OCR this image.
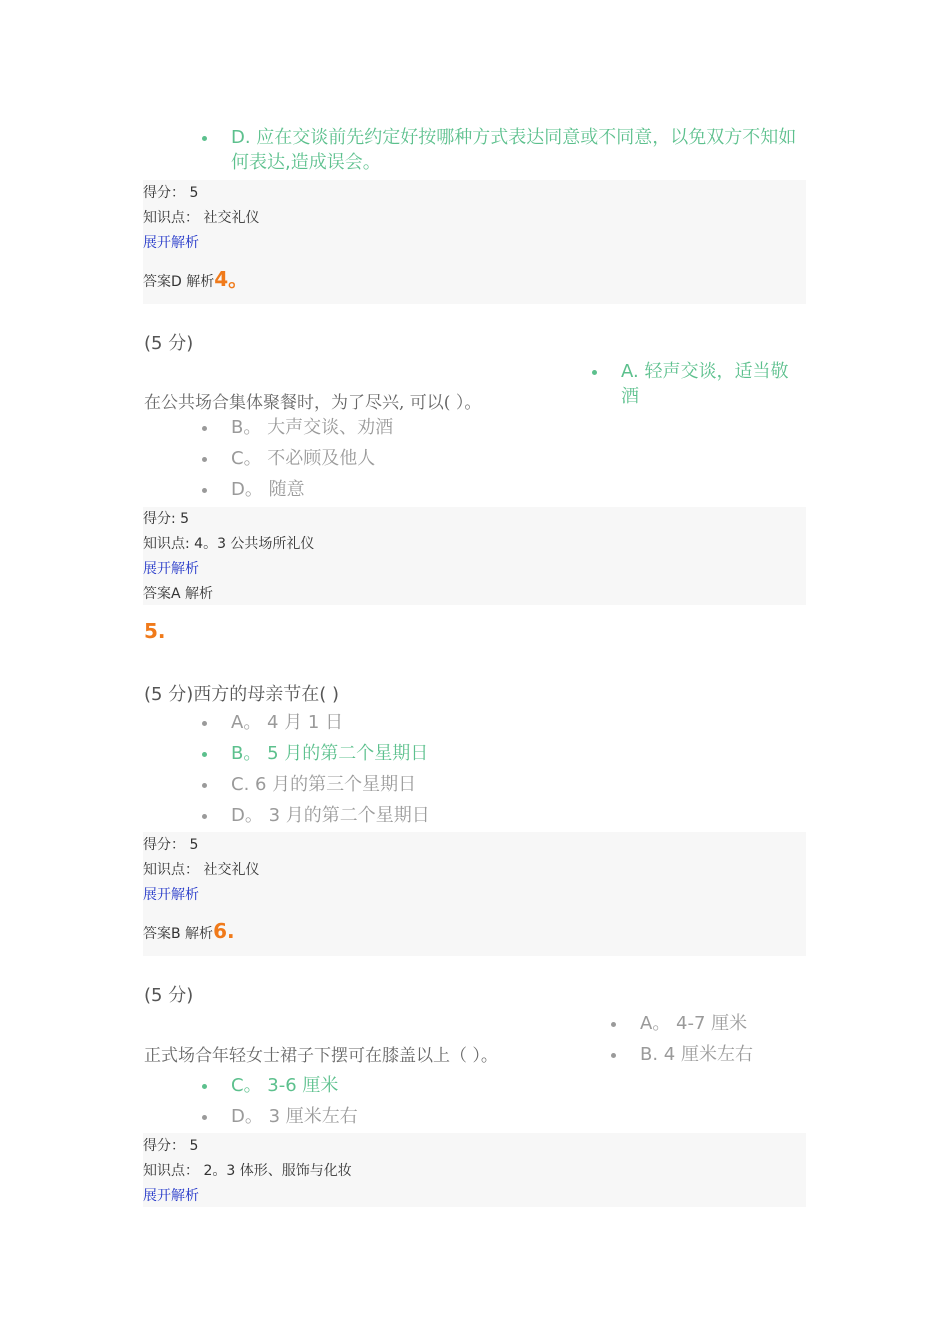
D. 应在交谈前先约定好按哪种方式表达同意或不同意，以免双方不知如
何表达,造成误会。
得分： 5
知识点： 社交礼仪
展开解析
答案D 解析4。
(5 分)
A. 轻声交谈，适当敬
酒
在公共场合集体聚餐时，为了尽兴, 可以( ）。
B。 大声交谈、劝酒
C。 不必顾及他人
D。 随意
得分: 5
知识点: 4。3 公共场所礼仪
展开解析
答案A 解析
5.
(5 分)西方的母亲节在( )
A。 4 月 1 日
B。 5 月的第二个星期日
C. 6 月的第三个星期日
D。 3 月的第二个星期日
得分： 5
知识点： 社交礼仪
展开解析
答案B 解析6.
(5 分)
A。 4-7 厘米
B. 4 厘米左右
正式场合年轻女士裙子下摆可在膝盖以上（ ）。
C。 3-6 厘米
D。 3 厘米左右
得分： 5
知识点： 2。3 体形、服饰与化妆
展开解析
